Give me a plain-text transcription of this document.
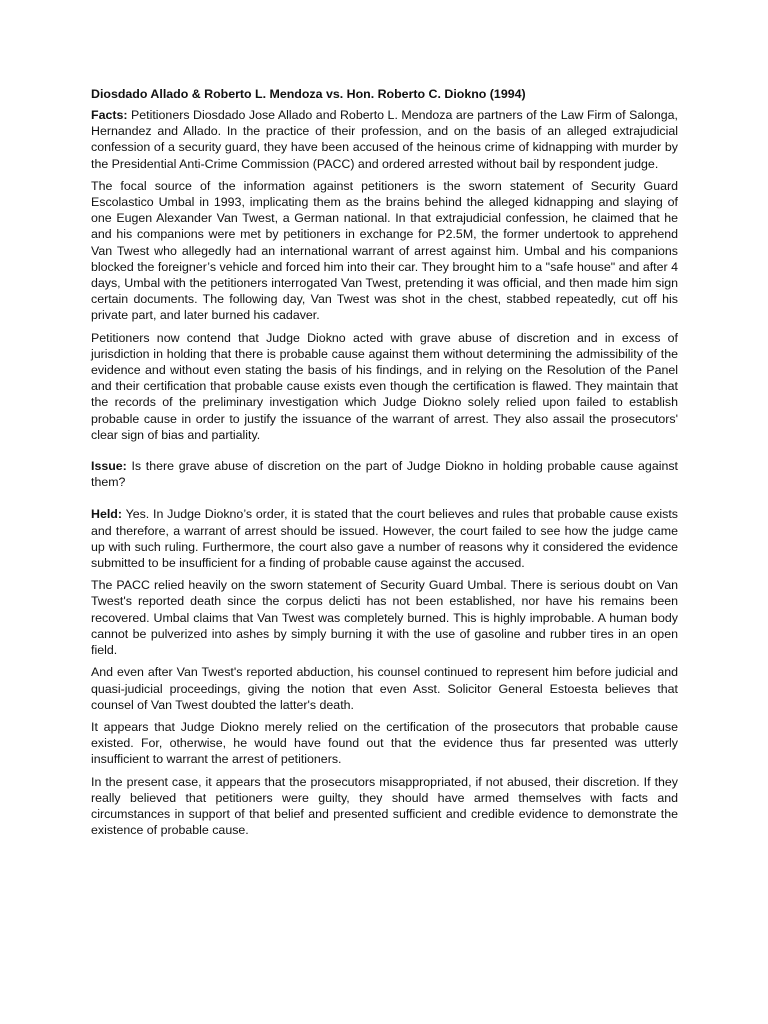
Diosdado Allado & Roberto L. Mendoza vs. Hon. Roberto C. Diokno (1994)

Facts: Petitioners Diosdado Jose Allado and Roberto L. Mendoza are partners of the Law Firm of Salonga, Hernandez and Allado. In the practice of their profession, and on the basis of an alleged extrajudicial confession of a security guard, they have been accused of the heinous crime of kidnapping with murder by the Presidential Anti-Crime Commission (PACC) and ordered arrested without bail by respondent judge.

The focal source of the information against petitioners is the sworn statement of Security Guard Escolastico Umbal in 1993, implicating them as the brains behind the alleged kidnapping and slaying of one Eugen Alexander Van Twest, a German national. In that extrajudicial confession, he claimed that he and his companions were met by petitioners in exchange for P2.5M, the former undertook to apprehend Van Twest who allegedly had an international warrant of arrest against him. Umbal and his companions blocked the foreigner’s vehicle and forced him into their car. They brought him to a "safe house" and after 4 days, Umbal with the petitioners interrogated Van Twest, pretending it was official, and then made him sign certain documents. The following day, Van Twest was shot in the chest, stabbed repeatedly, cut off his private part, and later burned his cadaver.

Petitioners now contend that Judge Diokno acted with grave abuse of discretion and in excess of jurisdiction in holding that there is probable cause against them without determining the admissibility of the evidence and without even stating the basis of his findings, and in relying on the Resolution of the Panel and their certification that probable cause exists even though the certification is flawed. They maintain that the records of the preliminary investigation which Judge Diokno solely relied upon failed to establish probable cause in order to justify the issuance of the warrant of arrest. They also assail the prosecutors' clear sign of bias and partiality.

Issue: Is there grave abuse of discretion on the part of Judge Diokno in holding probable cause against them?

Held: Yes. In Judge Diokno’s order, it is stated that the court believes and rules that probable cause exists and therefore, a warrant of arrest should be issued. However, the court failed to see how the judge came up with such ruling. Furthermore, the court also gave a number of reasons why it considered the evidence submitted to be insufficient for a finding of probable cause against the accused.

The PACC relied heavily on the sworn statement of Security Guard Umbal. There is serious doubt on Van Twest's reported death since the corpus delicti has not been established, nor have his remains been recovered. Umbal claims that Van Twest was completely burned. This is highly improbable. A human body cannot be pulverized into ashes by simply burning it with the use of gasoline and rubber tires in an open field.

And even after Van Twest's reported abduction, his counsel continued to represent him before judicial and quasi-judicial proceedings, giving the notion that even Asst. Solicitor General Estoesta believes that counsel of Van Twest doubted the latter's death.

It appears that Judge Diokno merely relied on the certification of the prosecutors that probable cause existed. For, otherwise, he would have found out that the evidence thus far presented was utterly insufficient to warrant the arrest of petitioners.

In the present case, it appears that the prosecutors misappropriated, if not abused, their discretion. If they really believed that petitioners were guilty, they should have armed themselves with facts and circumstances in support of that belief and presented sufficient and credible evidence to demonstrate the existence of probable cause.
